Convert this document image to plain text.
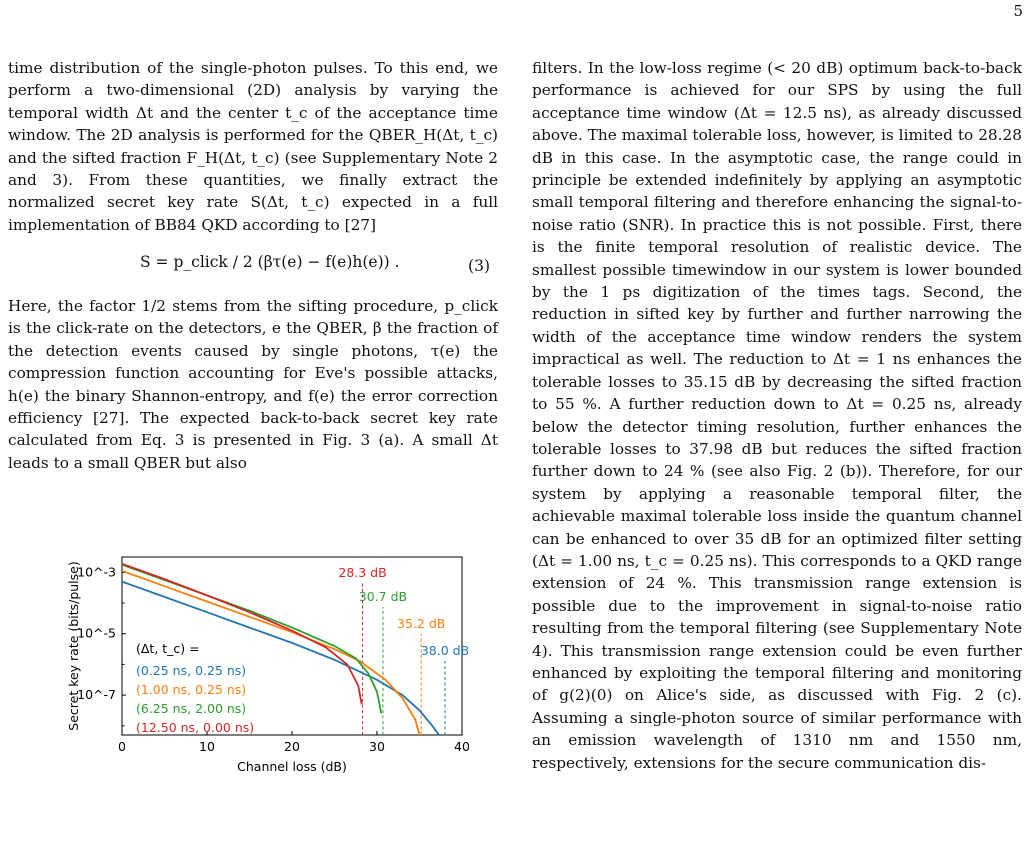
5

time distribution of the single-photon pulses. To this end, we perform a two-dimensional (2D) analysis by varying the temporal width Δt and the center t_c of the acceptance time window. The 2D analysis is performed for the QBER_H(Δt, t_c) and the sifted fraction F_H(Δt, t_c) (see Supplementary Note 2 and 3). From these quantities, we finally extract the normalized secret key rate S(Δt, t_c) expected in a full implementation of BB84 QKD according to [27]

S = p_click / 2 (βτ(e) − f(e)h(e)) .	(3)

Here, the factor 1/2 stems from the sifting procedure, p_click is the click-rate on the detectors, e the QBER, β the fraction of the detection events caused by single photons, τ(e) the compression function accounting for Eve's possible attacks, h(e) the binary Shannon-entropy, and f(e) the error correction efficiency [27]. The expected back-to-back secret key rate calculated from Eq. 3 is presented in Fig. 3 (a). A small Δt leads to a small QBER but also

filters. In the low-loss regime (< 20 dB) optimum back-to-back performance is achieved for our SPS by using the full acceptance time window (Δt = 12.5 ns), as already discussed above. The maximal tolerable loss, however, is limited to 28.28 dB in this case. In the asymptotic case, the range could in principle be extended indefinitely by applying an asymptotic small temporal filtering and therefore enhancing the signal-to-noise ratio (SNR). In practice this is not possible. First, there is the finite temporal resolution of realistic device. The smallest possible timewindow in our system is lower bounded by the 1 ps digitization of the times tags. Second, the reduction in sifted key by further and further narrowing the width of the acceptance time window renders the system impractical as well. The reduction to Δt = 1 ns enhances the tolerable losses to 35.15 dB by decreasing the sifted fraction to 55 %. A further reduction down to Δt = 0.25 ns, already below the detector timing resolution, further enhances the tolerable losses to 37.98 dB but reduces the sifted fraction further down to 24 % (see also Fig. 2 (b)). Therefore, for our system by applying a reasonable temporal filter, the achievable maximal tolerable loss inside the quantum channel can be enhanced to over 35 dB for an optimized filter setting (Δt = 1.00 ns, t_c = 0.25 ns). This corresponds to a QKD range extension of 24 %. This transmission range extension is possible due to the improvement in signal-to-noise ratio resulting from the temporal filtering (see Supplementary Note 4). This transmission range extension could be even further enhanced by exploiting the temporal filtering and monitoring of g(2)(0) on Alice's side, as discussed with Fig. 2 (c). Assuming a single-photon source of similar performance with an emission wavelength of 1310 nm and 1550 nm, respectively, extensions for the secure communication dis-

0	10	20	30	40
10^-3
10^-5
10^-7
Channel loss (dB)
Secret key rate (bits/pulse)	38.0 dB
35.2 dB
30.7 dB
28.3 dB
(Δt, t_c) =
(0.25 ns, 0.25 ns)
(1.00 ns, 0.25 ns)
(6.25 ns, 2.00 ns)
(12.50 ns, 0.00 ns)
